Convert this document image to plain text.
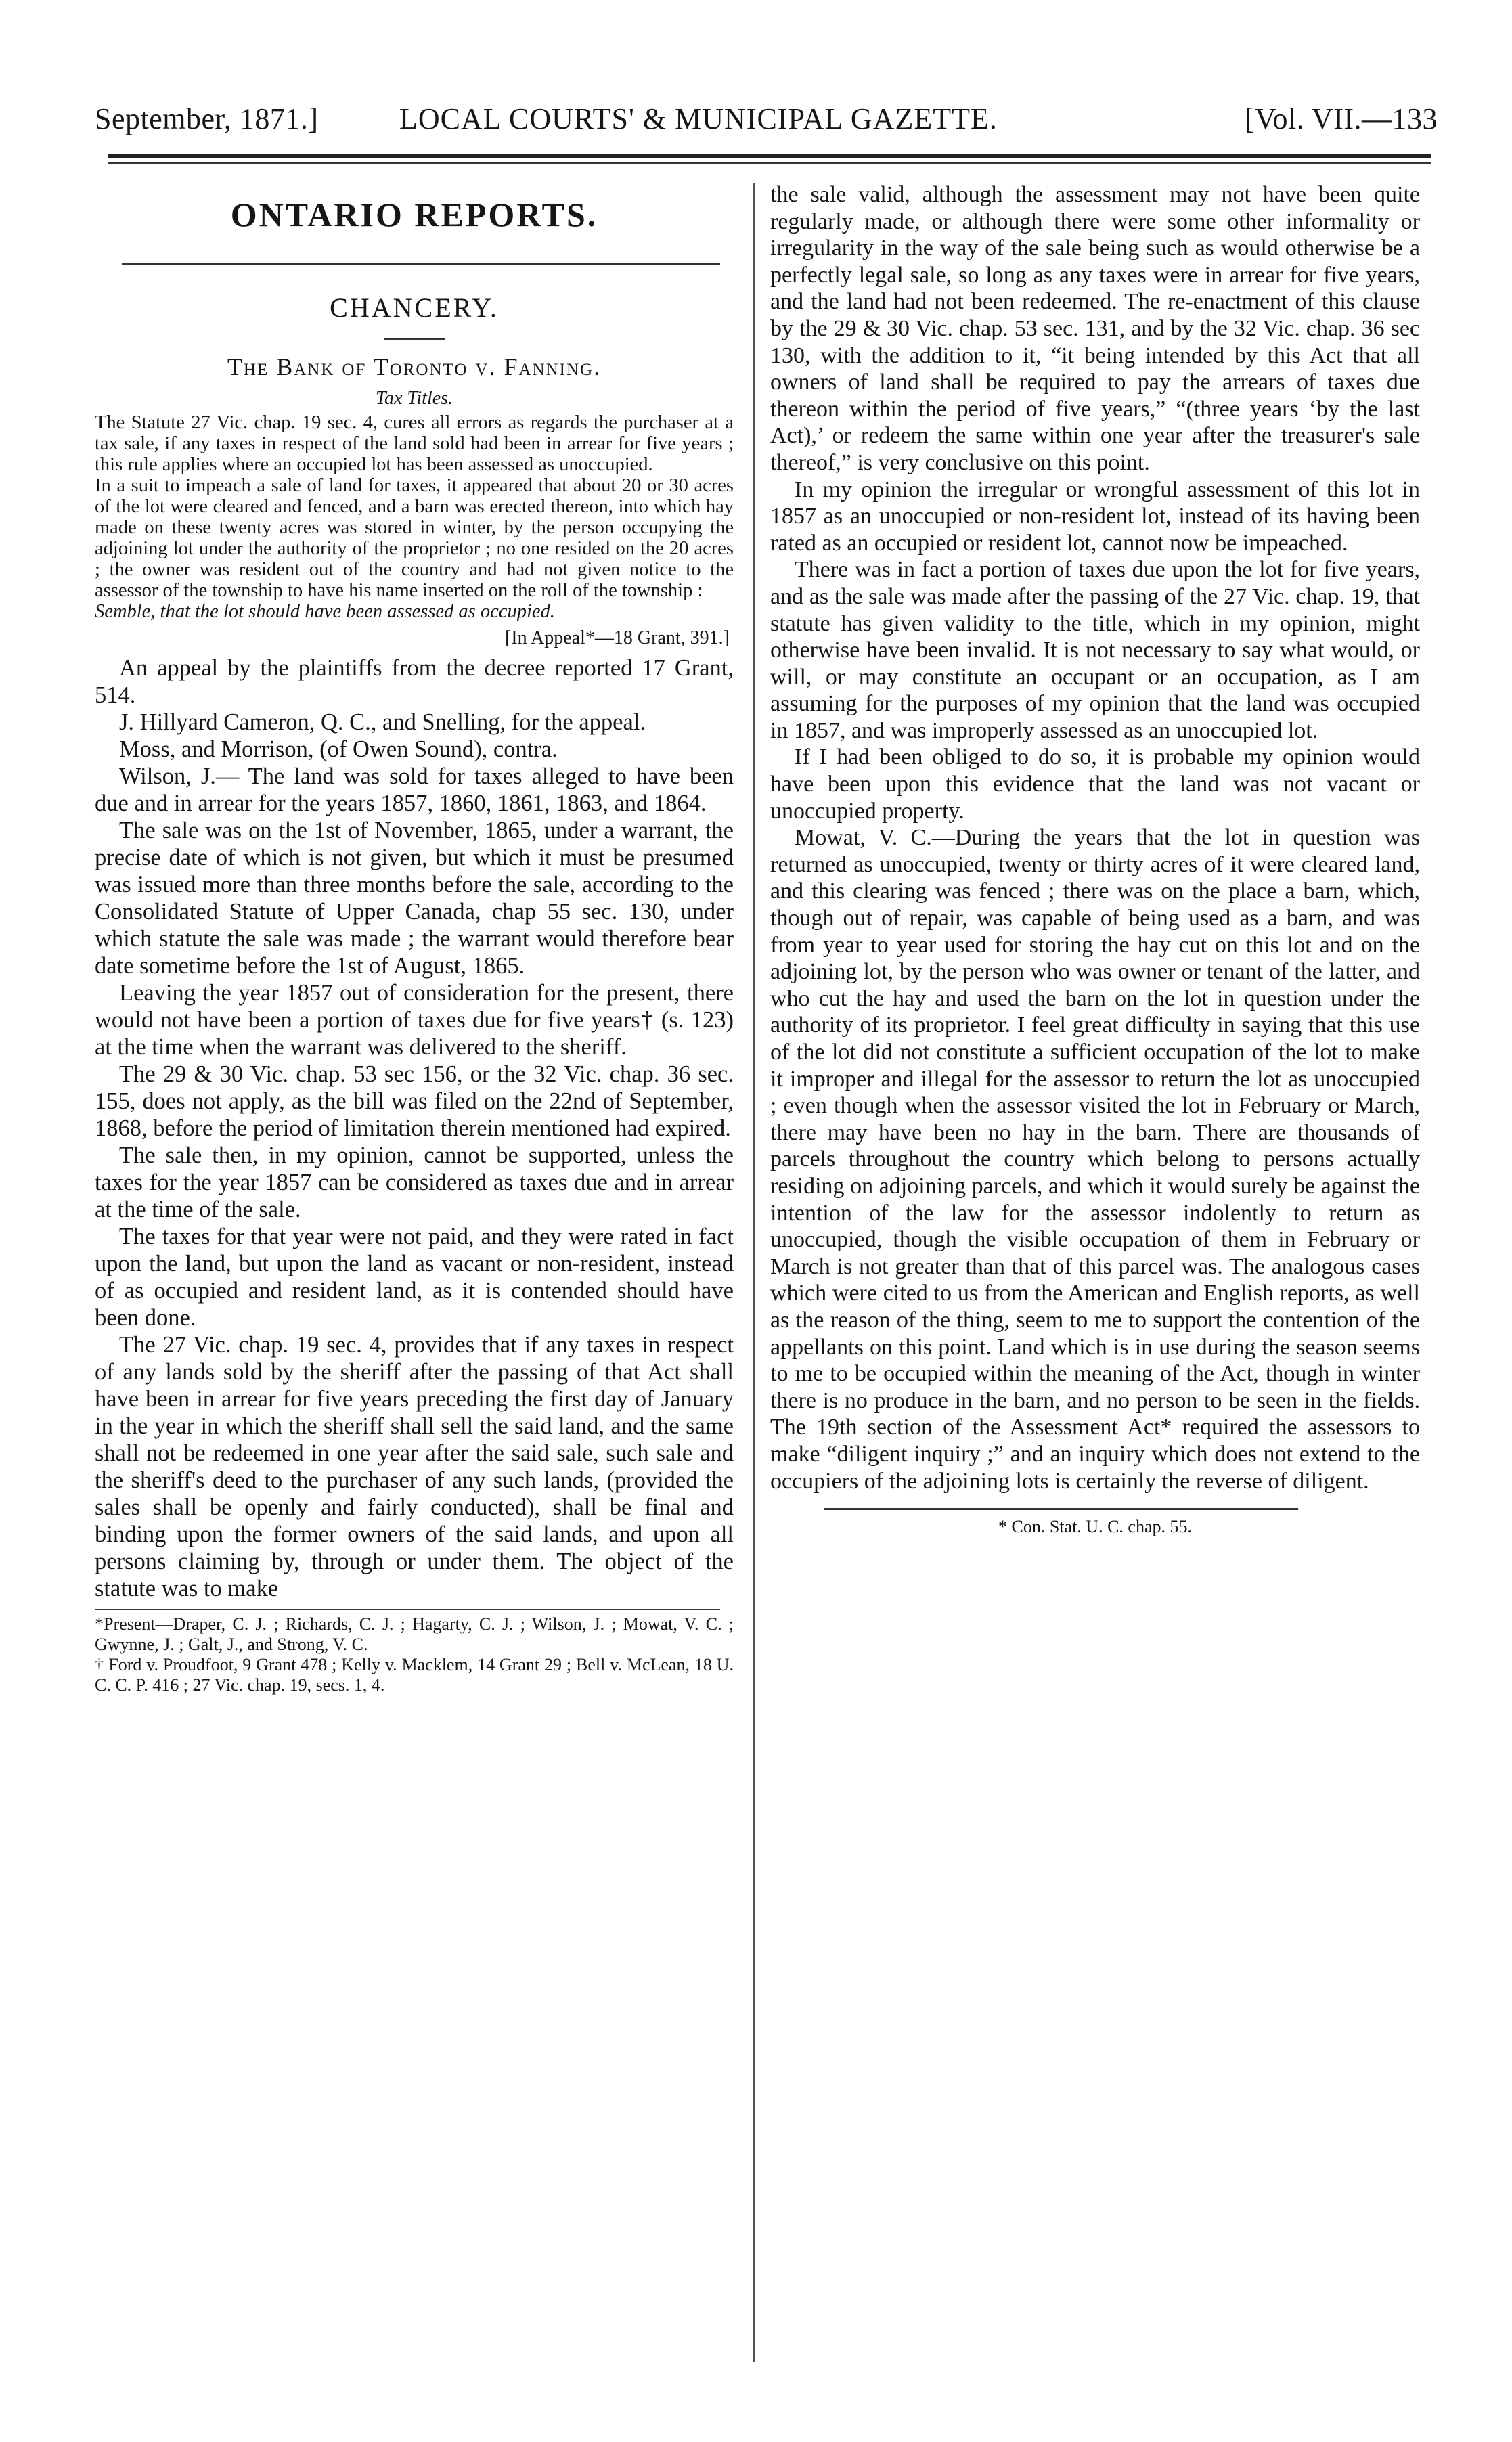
September, 1871.]	LOCAL COURTS' & MUNICIPAL GAZETTE.	[Vol. VII.—133

ONTARIO REPORTS.

CHANCERY.

The Bank of Toronto v. Fanning.

Tax Titles.

The Statute 27 Vic. chap. 19 sec. 4, cures all errors as regards the purchaser at a tax sale, if any taxes in respect of the land sold had been in arrear for five years ; this rule applies where an occupied lot has been assessed as unoccupied.

In a suit to impeach a sale of land for taxes, it appeared that about 20 or 30 acres of the lot were cleared and fenced, and a barn was erected thereon, into which hay made on these twenty acres was stored in winter, by the person occupying the adjoining lot under the authority of the proprietor ; no one resided on the 20 acres ; the owner was resident out of the country and had not given notice to the assessor of the township to have his name inserted on the roll of the township :

Semble, that the lot should have been assessed as occupied.

[In Appeal*—18 Grant, 391.]

An appeal by the plaintiffs from the decree reported 17 Grant, 514.

J. Hillyard Cameron, Q. C., and Snelling, for the appeal.

Moss, and Morrison, (of Owen Sound), contra.

Wilson, J.— The land was sold for taxes alleged to have been due and in arrear for the years 1857, 1860, 1861, 1863, and 1864.

The sale was on the 1st of November, 1865, under a warrant, the precise date of which is not given, but which it must be presumed was issued more than three months before the sale, according to the Consolidated Statute of Upper Canada, chap 55 sec. 130, under which statute the sale was made ; the warrant would therefore bear date sometime before the 1st of August, 1865.

Leaving the year 1857 out of consideration for the present, there would not have been a portion of taxes due for five years† (s. 123) at the time when the warrant was delivered to the sheriff.

The 29 & 30 Vic. chap. 53 sec 156, or the 32 Vic. chap. 36 sec. 155, does not apply, as the bill was filed on the 22nd of September, 1868, before the period of limitation therein mentioned had expired.

The sale then, in my opinion, cannot be supported, unless the taxes for the year 1857 can be considered as taxes due and in arrear at the time of the sale.

The taxes for that year were not paid, and they were rated in fact upon the land, but upon the land as vacant or non-resident, instead of as occupied and resident land, as it is contended should have been done.

The 27 Vic. chap. 19 sec. 4, provides that if any taxes in respect of any lands sold by the sheriff after the passing of that Act shall have been in arrear for five years preceding the first day of January in the year in which the sheriff shall sell the said land, and the same shall not be redeemed in one year after the said sale, such sale and the sheriff's deed to the purchaser of any such lands, (provided the sales shall be openly and fairly conducted), shall be final and binding upon the former owners of the said lands, and upon all persons claiming by, through or under them. The object of the statute was to make

*Present—Draper, C. J. ; Richards, C. J. ; Hagarty, C. J. ; Wilson, J. ; Mowat, V. C. ; Gwynne, J. ; Galt, J., and Strong, V. C.

† Ford v. Proudfoot, 9 Grant 478 ; Kelly v. Macklem, 14 Grant 29 ; Bell v. McLean, 18 U. C. C. P. 416 ; 27 Vic. chap. 19, secs. 1, 4.

the sale valid, although the assessment may not have been quite regularly made, or although there were some other informality or irregularity in the way of the sale being such as would otherwise be a perfectly legal sale, so long as any taxes were in arrear for five years, and the land had not been redeemed. The re-enactment of this clause by the 29 & 30 Vic. chap. 53 sec. 131, and by the 32 Vic. chap. 36 sec 130, with the addition to it, “it being intended by this Act that all owners of land shall be required to pay the arrears of taxes due thereon within the period of five years,” “(three years ‘by the last Act),’ or redeem the same within one year after the treasurer's sale thereof,” is very conclusive on this point.

In my opinion the irregular or wrongful assessment of this lot in 1857 as an unoccupied or non-resident lot, instead of its having been rated as an occupied or resident lot, cannot now be impeached.

There was in fact a portion of taxes due upon the lot for five years, and as the sale was made after the passing of the 27 Vic. chap. 19, that statute has given validity to the title, which in my opinion, might otherwise have been invalid. It is not necessary to say what would, or will, or may constitute an occupant or an occupation, as I am assuming for the purposes of my opinion that the land was occupied in 1857, and was improperly assessed as an unoccupied lot.

If I had been obliged to do so, it is probable my opinion would have been upon this evidence that the land was not vacant or unoccupied property.

Mowat, V. C.—During the years that the lot in question was returned as unoccupied, twenty or thirty acres of it were cleared land, and this clearing was fenced ; there was on the place a barn, which, though out of repair, was capable of being used as a barn, and was from year to year used for storing the hay cut on this lot and on the adjoining lot, by the person who was owner or tenant of the latter, and who cut the hay and used the barn on the lot in question under the authority of its proprietor. I feel great difficulty in saying that this use of the lot did not constitute a sufficient occupation of the lot to make it improper and illegal for the assessor to return the lot as unoccupied ; even though when the assessor visited the lot in February or March, there may have been no hay in the barn. There are thousands of parcels throughout the country which belong to persons actually residing on adjoining parcels, and which it would surely be against the intention of the law for the assessor indolently to return as unoccupied, though the visible occupation of them in February or March is not greater than that of this parcel was. The analogous cases which were cited to us from the American and English reports, as well as the reason of the thing, seem to me to support the contention of the appellants on this point. Land which is in use during the season seems to me to be occupied within the meaning of the Act, though in winter there is no produce in the barn, and no person to be seen in the fields. The 19th section of the Assessment Act* required the assessors to make “diligent inquiry ;” and an inquiry which does not extend to the occupiers of the adjoining lots is certainly the reverse of diligent.

* Con. Stat. U. C. chap. 55.
